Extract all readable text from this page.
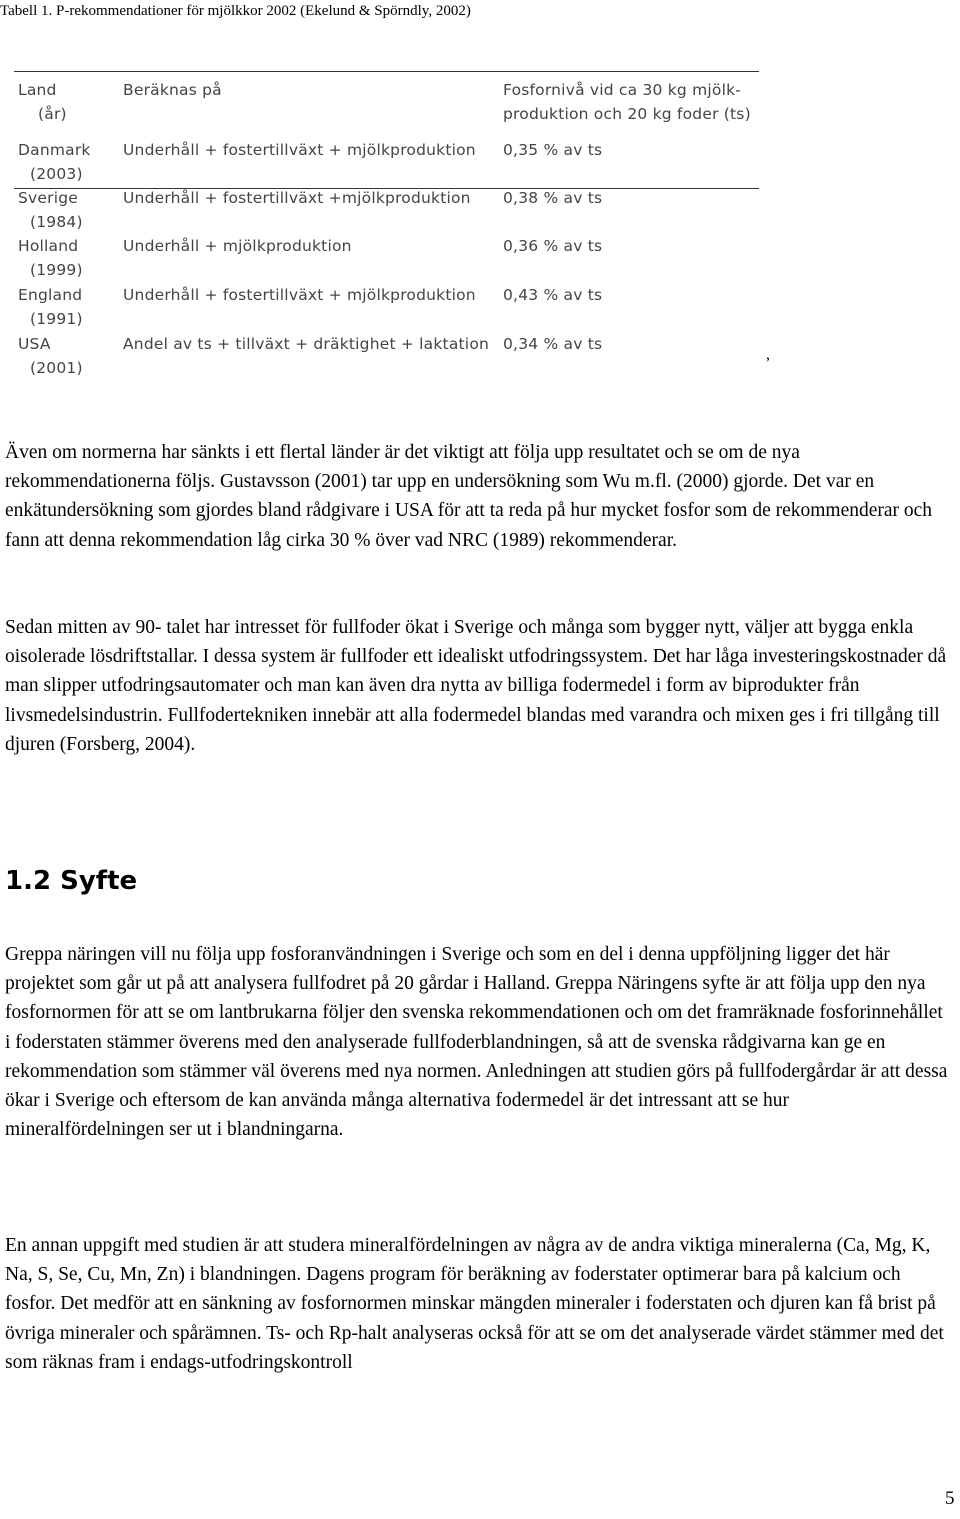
Tabell 1. P-rekommendationer för mjölkkor 2002 (Ekelund & Spörndly, 2002)
Land
(år)
Beräknas på	Fosfornivå vid ca 30 kg mjölk-
produktion och 20 kg foder (ts)
Danmark
(2003)
Underhåll + fostertillväxt + mjölkproduktion 0,35 % av ts
Sverige
(1984)
Underhåll + fostertillväxt +mjölkproduktion 0,38 % av ts
Holland
(1999)
Underhåll + mjölkproduktion	0,36 % av ts
England
(1991)
Underhåll + fostertillväxt + mjölkproduktion 0,43 % av ts
USA
(2001)
Andel av ts + tillväxt + dräktighet + laktation 0,34 % av ts
,

Även om normerna har sänkts i ett flertal länder är det viktigt att följa upp resultatet och se om de nya rekommendationerna följs. Gustavsson (2001) tar upp en undersökning som Wu m.fl. (2000) gjorde. Det var en enkätundersökning som gjordes bland rådgivare i USA för att ta reda på hur mycket fosfor som de rekommenderar och fann att denna rekommendation låg cirka 30 % över vad NRC (1989) rekommenderar.

Sedan mitten av 90- talet har intresset för fullfoder ökat i Sverige och många som bygger nytt, väljer att bygga enkla oisolerade lösdriftstallar. I dessa system är fullfoder ett idealiskt utfodringssystem. Det har låga investeringskostnader då man slipper utfodringsautomater och man kan även dra nytta av billiga fodermedel i form av biprodukter från livsmedelsindustrin. Fullfodertekniken innebär att alla fodermedel blandas med varandra och mixen ges i fri tillgång till djuren (Forsberg, 2004).

1.2 Syfte

Greppa näringen vill nu följa upp fosforanvändningen i Sverige och som en del i denna uppföljning ligger det här projektet som går ut på att analysera fullfodret på 20 gårdar i Halland. Greppa Näringens syfte är att följa upp den nya fosfornormen för att se om lantbrukarna följer den svenska rekommendationen och om det framräknade fosforinnehållet i foderstaten stämmer överens med den analyserade fullfoderblandningen, så att de svenska rådgivarna kan ge en rekommendation som stämmer väl överens med nya normen. Anledningen att studien görs på fullfodergårdar är att dessa ökar i Sverige och eftersom de kan använda många alternativa fodermedel är det intressant att se hur mineralfördelningen ser ut i blandningarna.

En annan uppgift med studien är att studera mineralfördelningen av några av de andra viktiga mineralerna (Ca, Mg, K, Na, S, Se, Cu, Mn, Zn) i blandningen. Dagens program för beräkning av foderstater optimerar bara på kalcium och fosfor. Det medför att en sänkning av fosfornormen minskar mängden mineraler i foderstaten och djuren kan få brist på övriga mineraler och spårämnen. Ts- och Rp-halt analyseras också för att se om det analyserade värdet stämmer med det som räknas fram i endags-utfodringskontroll

5
